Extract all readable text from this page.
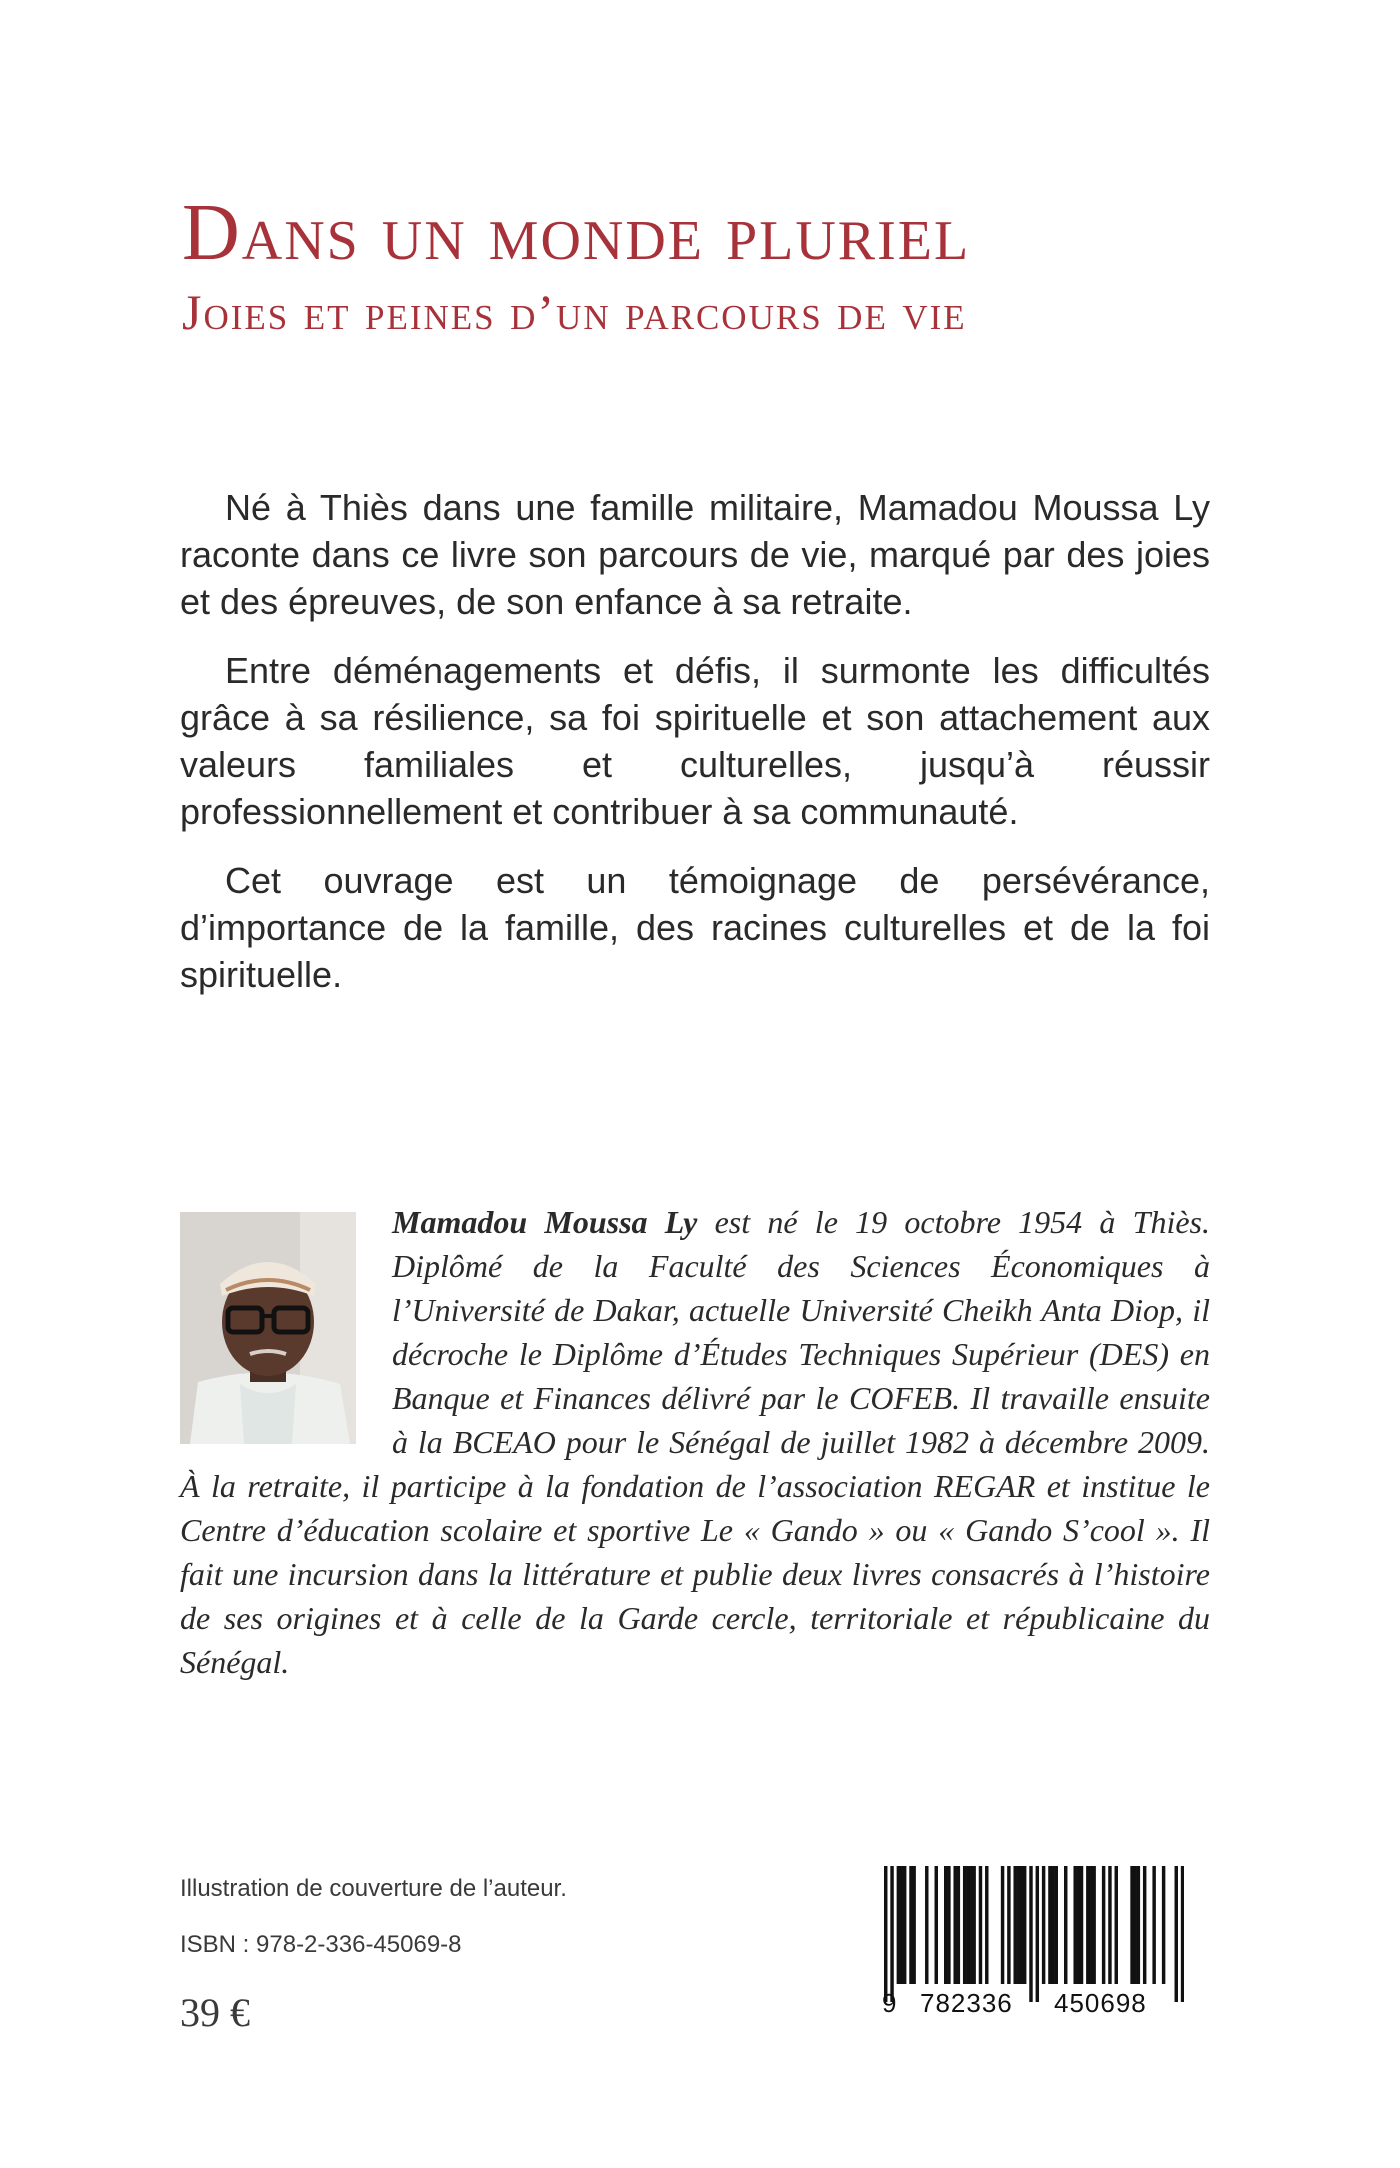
Dans un monde pluriel
Joies et peines d’un parcours de vie

Né à Thiès dans une famille militaire, Mamadou Moussa Ly raconte dans ce livre son parcours de vie, marqué par des joies et des épreuves, de son enfance à sa retraite.

Entre déménagements et défis, il surmonte les difficultés grâce à sa résilience, sa foi spirituelle et son attachement aux valeurs familiales et culturelles, jusqu’à réussir professionnellement et contribuer à sa communauté.

Cet ouvrage est un témoignage de persévérance, d’importance de la famille, des racines culturelles et de la foi spirituelle.

Mamadou Moussa Ly est né le 19 octobre 1954 à Thiès. Diplômé de la Faculté des Sciences Économiques à l’Université de Dakar, actuelle Université Cheikh Anta Diop, il décroche le Diplôme d’Études Techniques Supérieur (DES) en Banque et Finances délivré par le COFEB. Il travaille ensuite à la BCEAO pour le Sénégal de juillet 1982 à décembre 2009. À la retraite, il participe à la fondation de l’association REGAR et institue le Centre d’éducation scolaire et sportive Le « Gando » ou « Gando S’cool ». Il fait une incursion dans la littérature et publie deux livres consacrés à l’histoire de ses origines et à celle de la Garde cercle, territoriale et républicaine du Sénégal.

Illustration de couverture de l’auteur.

ISBN : 978-2-336-45069-8

39 €	9 782336 450698
